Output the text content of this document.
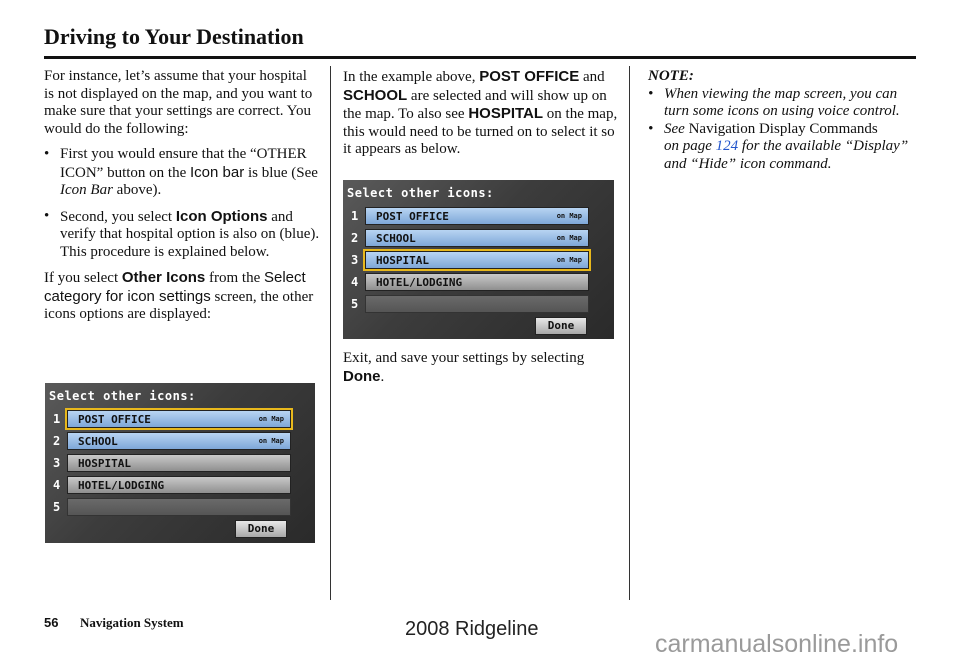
Driving to Your Destination

For instance, let’s assume that your hospital is not displayed on the map, and you want to make sure that your settings are correct. You would do the following:

• First you would ensure that the “OTHER ICON” button on the Icon bar is blue (See Icon Bar above).

• Second, you select Icon Options and verify that hospital option is also on (blue). This procedure is explained below.

If you select Other Icons from the Select category for icon settings screen, the other icons options are displayed:

Select other icons:
1 POST OFFICE	on Map
2 SCHOOL	on Map
3 HOSPITAL
4 HOTEL/LODGING
5
Done

In the example above, POST OFFICE and SCHOOL are selected and will show up on the map. To also see HOSPITAL on the map, this would need to be turned on to select it so it appears as below.

Select other icons:
1 POST OFFICE	on Map
2 SCHOOL	on Map
3 HOSPITAL	on Map
4 HOTEL/LODGING
5
Done

Exit, and save your settings by selecting Done.

NOTE:

• When viewing the map screen, you can turn some icons on using voice control.

• See Navigation Display Commands
on page 124 for the available “Display” and “Hide” icon command.

56 Navigation System	2008 Ridgeline
carmanualsonline.info
